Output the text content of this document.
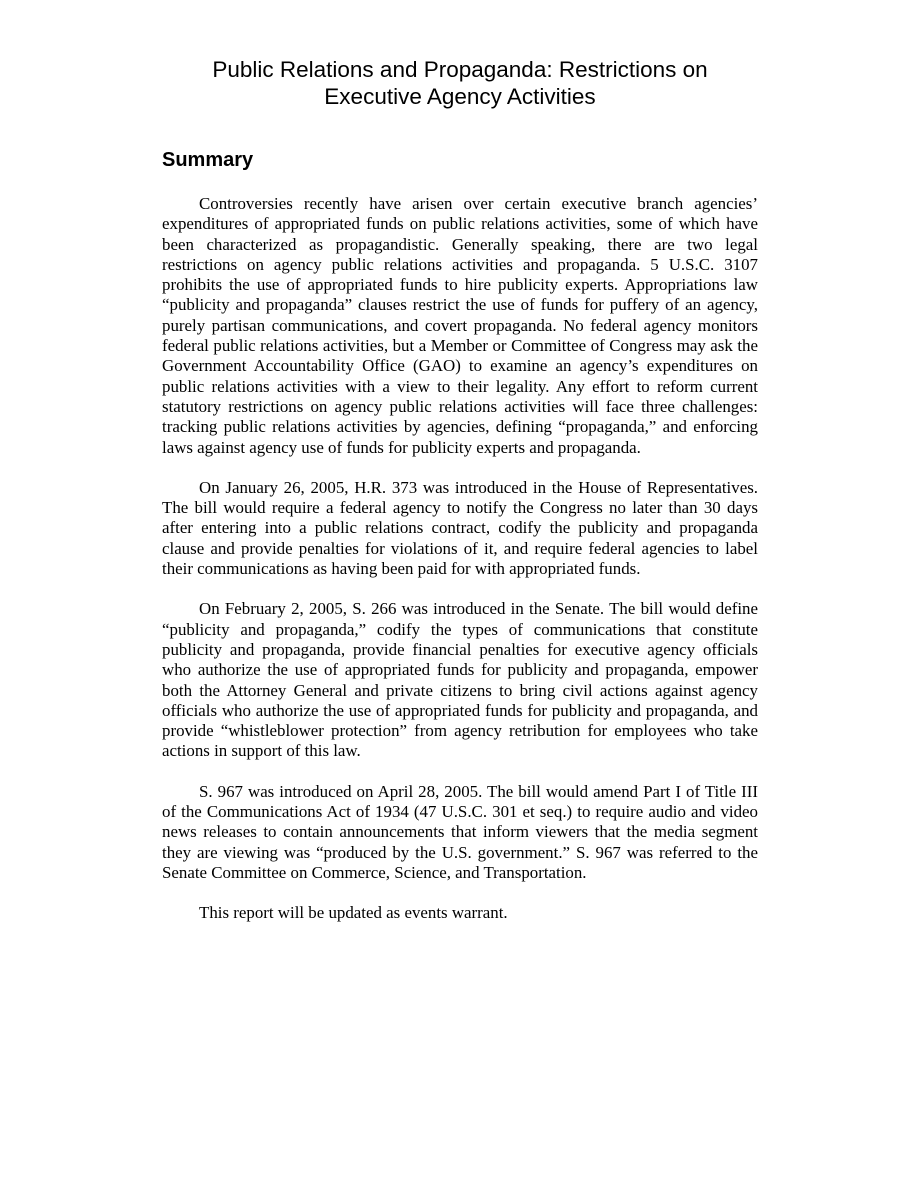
Public Relations and Propaganda: Restrictions on
Executive Agency Activities
Summary

Controversies recently have arisen over certain executive branch agencies’ expenditures of appropriated funds on public relations activities, some of which have been characterized as propagandistic. Generally speaking, there are two legal restrictions on agency public relations activities and propaganda. 5 U.S.C. 3107 prohibits the use of appropriated funds to hire publicity experts. Appropriations law “publicity and propaganda” clauses restrict the use of funds for puffery of an agency, purely partisan communications, and covert propaganda. No federal agency monitors federal public relations activities, but a Member or Committee of Congress may ask the Government Accountability Office (GAO) to examine an agency’s expenditures on public relations activities with a view to their legality. Any effort to reform current statutory restrictions on agency public relations activities will face three challenges: tracking public relations activities by agencies, defining “propaganda,” and enforcing laws against agency use of funds for publicity experts and propaganda.

On January 26, 2005, H.R. 373 was introduced in the House of Representatives. The bill would require a federal agency to notify the Congress no later than 30 days after entering into a public relations contract, codify the publicity and propaganda clause and provide penalties for violations of it, and require federal agencies to label their communications as having been paid for with appropriated funds.

On February 2, 2005, S. 266 was introduced in the Senate. The bill would define “publicity and propaganda,” codify the types of communications that constitute publicity and propaganda, provide financial penalties for executive agency officials who authorize the use of appropriated funds for publicity and propaganda, empower both the Attorney General and private citizens to bring civil actions against agency officials who authorize the use of appropriated funds for publicity and propaganda, and provide “whistleblower protection” from agency retribution for employees who take actions in support of this law.

S. 967 was introduced on April 28, 2005. The bill would amend Part I of Title III of the Communications Act of 1934 (47 U.S.C. 301 et seq.) to require audio and video news releases to contain announcements that inform viewers that the media segment they are viewing was “produced by the U.S. government.” S. 967 was referred to the Senate Committee on Commerce, Science, and Transportation.

This report will be updated as events warrant.
